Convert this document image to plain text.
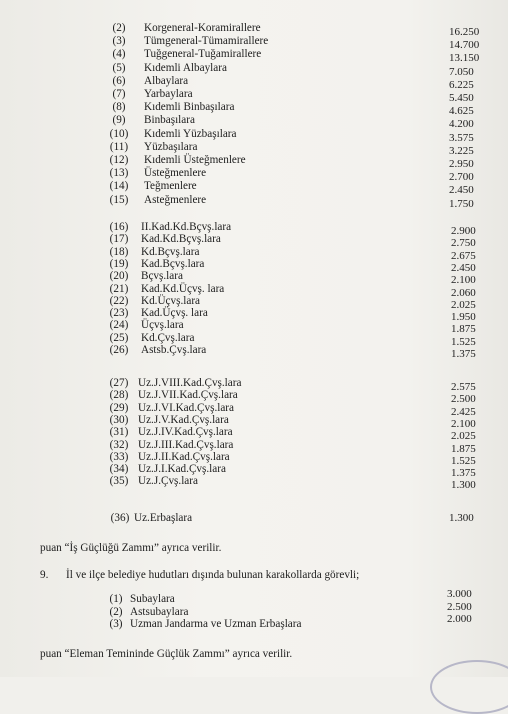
(2)	Korgeneral-Koramirallere	16.250
(3)	Tümgeneral-Tümamirallere	14.700
(4)	Tuğgeneral-Tuğamirallere	13.150
(5)	Kıdemli Albaylara	7.050
(6)	Albaylara	6.225
(7)	Yarbaylara	5.450
(8)	Kıdemli Binbaşılara	4.625
(9)	Binbaşılara	4.200
(10)	Kıdemli Yüzbaşılara	3.575
(11)	Yüzbaşılara	3.225
(12)	Kıdemli Üsteğmenlere	2.950
(13)	Üsteğmenlere	2.700
(14)	Teğmenlere	2.450
(15)	Asteğmenlere	1.750
(16)	II.Kad.Kd.Bçvş.lara	2.900
(17)	Kad.Kd.Bçvş.lara	2.750
(18)	Kd.Bçvş.lara	2.675
(19)	Kad.Bçvş.lara	2.450
(20)	Bçvş.lara	2.100
(21)	Kad.Kd.Üçvş. lara	2.060
(22)	Kd.Üçvş.lara	2.025
(23)	Kad.Üçvş. lara	1.950
(24)	Üçvş.lara	1.875
(25)	Kd.Çvş.lara	1.525
(26)	Astsb.Çvş.lara	1.375
(27) Uz.J.VIII.Kad.Çvş.lara	2.575
(28) Uz.J.VII.Kad.Çvş.lara	2.500
(29) Uz.J.VI.Kad.Çvş.lara	2.425
(30) Uz.J.V.Kad.Çvş.lara	2.100
(31) Uz.J.IV.Kad.Çvş.lara	2.025
(32) Uz.J.III.Kad.Çvş.lara	1.875
(33) Uz.J.II.Kad.Çvş.lara	1.525
(34) Uz.J.I.Kad.Çvş.lara	1.375
(35) Uz.J.Çvş.lara	1.300
(36) Uz.Erbaşlara	1.300
puan “İş Güçlüğü Zammı” ayrıca verilir.
9. İl ve ilçe belediye hudutları dışında bulunan karakollarda görevli;
(1) Subaylara	3.000
(2) Astsubaylara	2.500
(3) Uzman Jandarma ve Uzman Erbaşlara	2.000
puan “Eleman Temininde Güçlük Zammı” ayrıca verilir.
